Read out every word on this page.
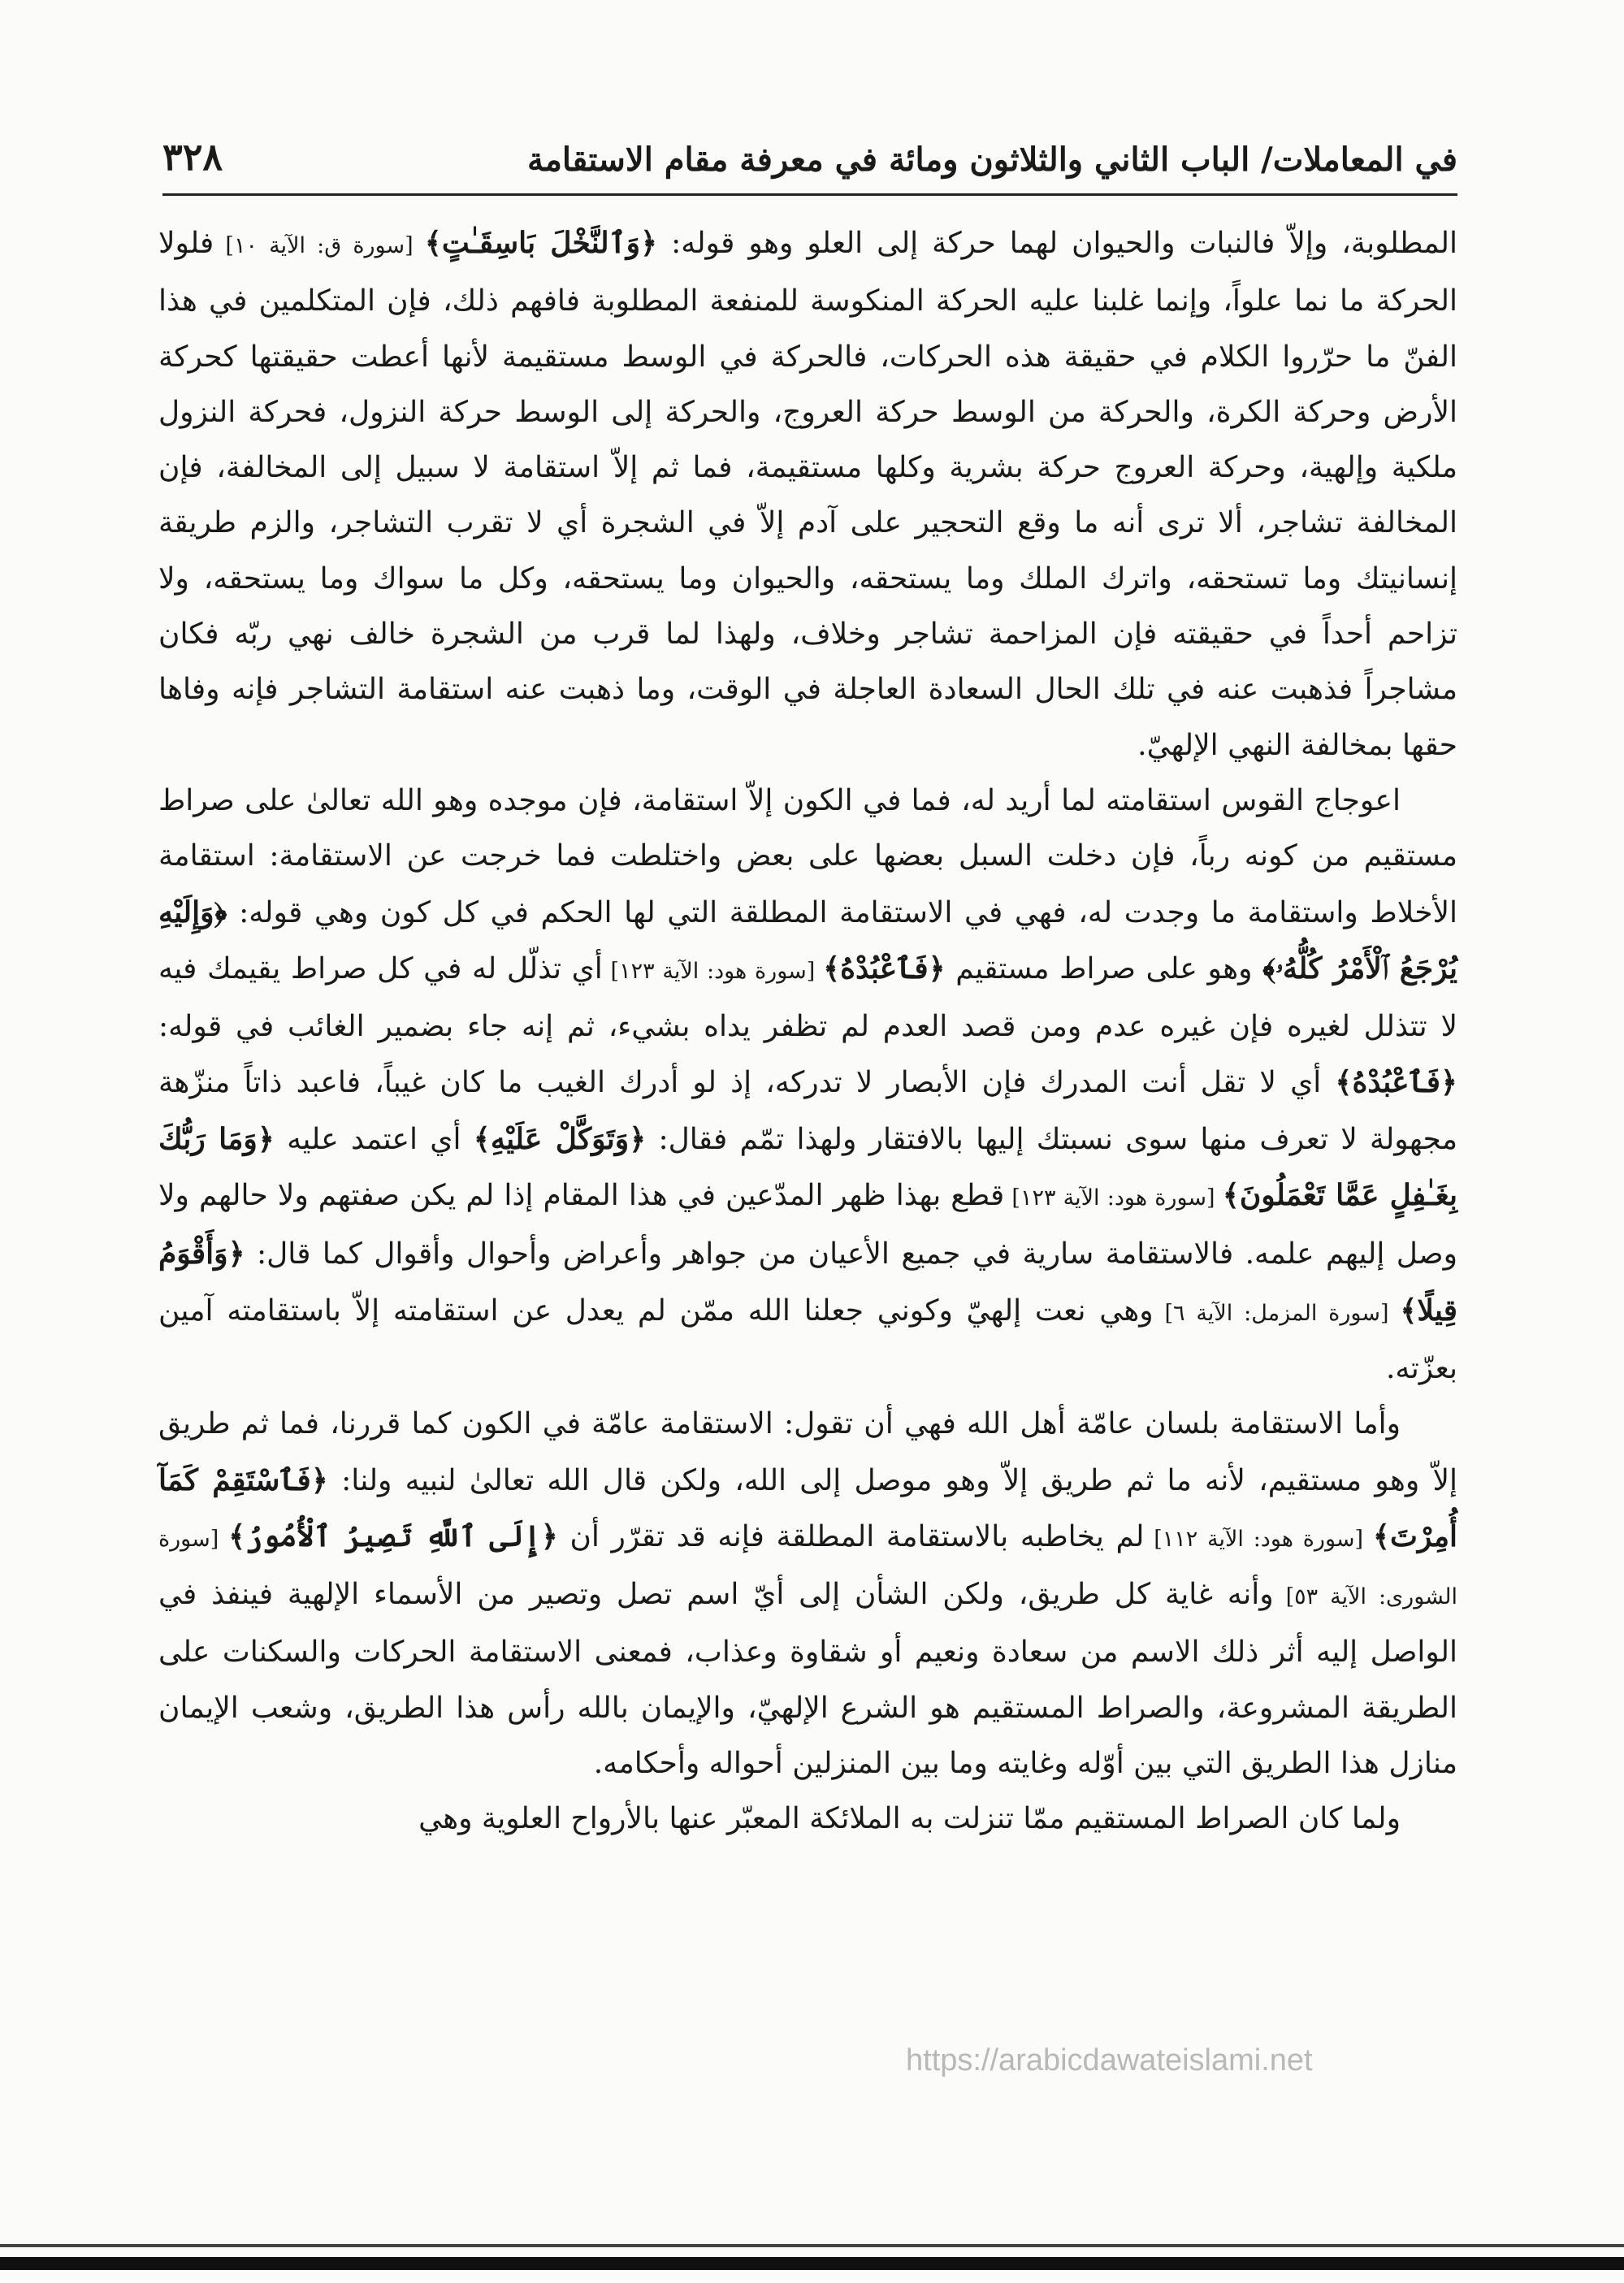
في المعاملات/ الباب الثاني والثلاثون ومائة في معرفة مقام الاستقامة
٣٢٨

المطلوبة، وإلاّ فالنبات والحيوان لهما حركة إلى العلو وهو قوله: ﴿وَٱلنَّخْلَ بَاسِقَـٰتٍ﴾ [سورة ق: الآية ١٠] فلولا الحركة ما نما علواً، وإنما غلبنا عليه الحركة المنكوسة للمنفعة المطلوبة فافهم ذلك، فإن المتكلمين في هذا الفنّ ما حرّروا الكلام في حقيقة هذه الحركات، فالحركة في الوسط مستقيمة لأنها أعطت حقيقتها كحركة الأرض وحركة الكرة، والحركة من الوسط حركة العروج، والحركة إلى الوسط حركة النزول، فحركة النزول ملكية وإلهية، وحركة العروج حركة بشرية وكلها مستقيمة، فما ثم إلاّ استقامة لا سبيل إلى المخالفة، فإن المخالفة تشاجر، ألا ترى أنه ما وقع التحجير على آدم إلاّ في الشجرة أي لا تقرب التشاجر، والزم طريقة إنسانيتك وما تستحقه، واترك الملك وما يستحقه، والحيوان وما يستحقه، وكل ما سواك وما يستحقه، ولا تزاحم أحداً في حقيقته فإن المزاحمة تشاجر وخلاف، ولهذا لما قرب من الشجرة خالف نهي ربّه فكان مشاجراً فذهبت عنه في تلك الحال السعادة العاجلة في الوقت، وما ذهبت عنه استقامة التشاجر فإنه وفاها حقها بمخالفة النهي الإلهيّ.

اعوجاج القوس استقامته لما أريد له، فما في الكون إلاّ استقامة، فإن موجده وهو الله تعالىٰ على صراط مستقيم من كونه رباً، فإن دخلت السبل بعضها على بعض واختلطت فما خرجت عن الاستقامة: استقامة الأخلاط واستقامة ما وجدت له، فهي في الاستقامة المطلقة التي لها الحكم في كل كون وهي قوله: ﴿وَإِلَيْهِ يُرْجَعُ ٱلْأَمْرُ كُلُّهُۥ﴾ وهو على صراط مستقيم ﴿فَٱعْبُدْهُ﴾ [سورة هود: الآية ١٢٣] أي تذلّل له في كل صراط يقيمك فيه لا تتذلل لغيره فإن غيره عدم ومن قصد العدم لم تظفر يداه بشيء، ثم إنه جاء بضمير الغائب في قوله: ﴿فَٱعْبُدْهُ﴾ أي لا تقل أنت المدرك فإن الأبصار لا تدركه، إذ لو أدرك الغيب ما كان غيباً، فاعبد ذاتاً منزّهة مجهولة لا تعرف منها سوى نسبتك إليها بالافتقار ولهذا تمّم فقال: ﴿وَتَوَكَّلْ عَلَيْهِ﴾ أي اعتمد عليه ﴿وَمَا رَبُّكَ بِغَـٰفِلٍ عَمَّا تَعْمَلُونَ﴾ [سورة هود: الآية ١٢٣] قطع بهذا ظهر المدّعين في هذا المقام إذا لم يكن صفتهم ولا حالهم ولا وصل إليهم علمه. فالاستقامة سارية في جميع الأعيان من جواهر وأعراض وأحوال وأقوال كما قال: ﴿وَأَقْوَمُ قِيلًا﴾ [سورة المزمل: الآية ٦] وهي نعت إلهيّ وكوني جعلنا الله ممّن لم يعدل عن استقامته إلاّ باستقامته آمين بعزّته.

وأما الاستقامة بلسان عامّة أهل الله فهي أن تقول: الاستقامة عامّة في الكون كما قررنا، فما ثم طريق إلاّ وهو مستقيم، لأنه ما ثم طريق إلاّ وهو موصل إلى الله، ولكن قال الله تعالىٰ لنبيه ولنا: ﴿فَٱسْتَقِمْ كَمَآ أُمِرْتَ﴾ [سورة هود: الآية ١١٢] لم يخاطبه بالاستقامة المطلقة فإنه قد تقرّر أن ﴿إِلَى ٱللَّهِ تَصِيرُ ٱلْأُمُورُ﴾ [سورة الشورى: الآية ٥٣] وأنه غاية كل طريق، ولكن الشأن إلى أيّ اسم تصل وتصير من الأسماء الإلهية فينفذ في الواصل إليه أثر ذلك الاسم من سعادة ونعيم أو شقاوة وعذاب، فمعنى الاستقامة الحركات والسكنات على الطريقة المشروعة، والصراط المستقيم هو الشرع الإلهيّ، والإيمان بالله رأس هذا الطريق، وشعب الإيمان منازل هذا الطريق التي بين أوّله وغايته وما بين المنزلين أحواله وأحكامه.

ولما كان الصراط المستقيم ممّا تنزلت به الملائكة المعبّر عنها بالأرواح العلوية وهي

https://arabicdawateislami.net
